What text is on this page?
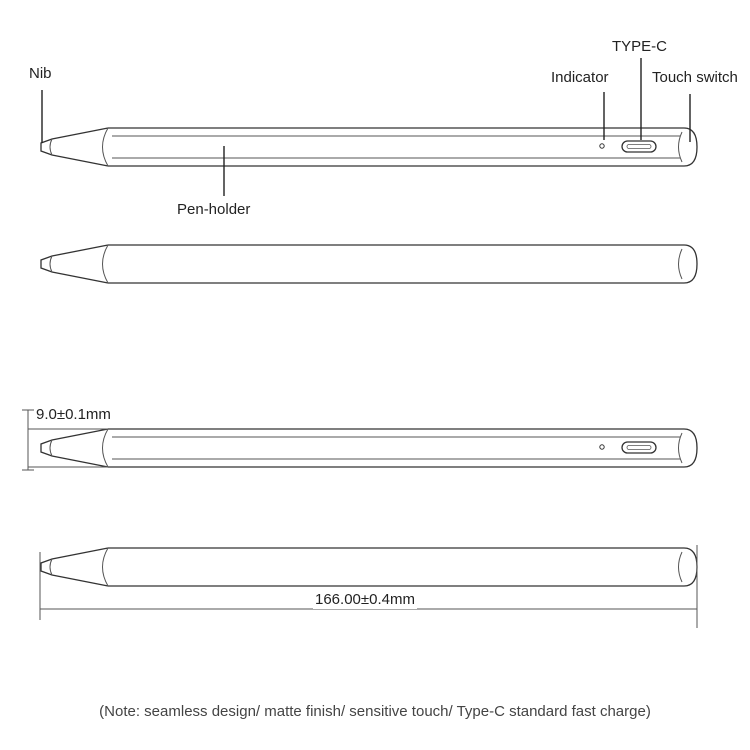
Nib
TYPE-C
Indicator	Touch switch
Pen-holder
9.0±0.1mm
166.00±0.4mm
(Note: seamless design/ matte finish/ sensitive touch/ Type-C standard fast charge)
